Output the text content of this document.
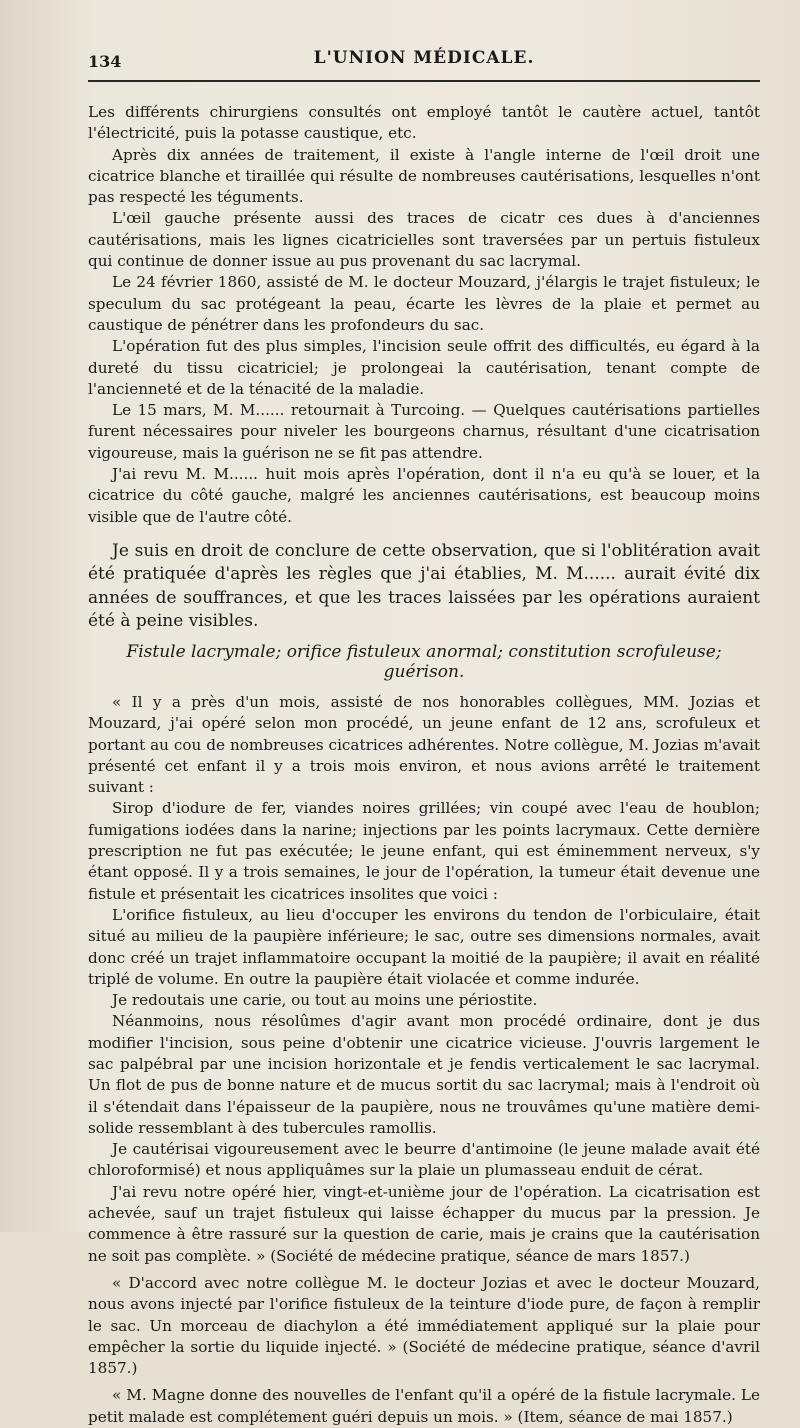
134	L'UNION MÉDICALE.

Les différents chirurgiens consultés ont employé tantôt le cautère actuel, tantôt l'électricité, puis la potasse caustique, etc.

Après dix années de traitement, il existe à l'angle interne de l'œil droit une cicatrice blanche et tiraillée qui résulte de nombreuses cautérisations, lesquelles n'ont pas respecté les téguments.

L'œil gauche présente aussi des traces de cicatr ces dues à d'anciennes cautérisations, mais les lignes cicatricielles sont traversées par un pertuis fistuleux qui continue de donner issue au pus provenant du sac lacrymal.

Le 24 février 1860, assisté de M. le docteur Mouzard, j'élargis le trajet fistuleux; le speculum du sac protégeant la peau, écarte les lèvres de la plaie et permet au caustique de pénétrer dans les profondeurs du sac.

L'opération fut des plus simples, l'incision seule offrit des difficultés, eu égard à la dureté du tissu cicatriciel; je prolongeai la cautérisation, tenant compte de l'ancienneté et de la ténacité de la maladie.

Le 15 mars, M. M...... retournait à Turcoing. — Quelques cautérisations partielles furent nécessaires pour niveler les bourgeons charnus, résultant d'une cicatrisation vigoureuse, mais la guérison ne se fit pas attendre.

J'ai revu M. M...... huit mois après l'opération, dont il n'a eu qu'à se louer, et la cicatrice du côté gauche, malgré les anciennes cautérisations, est beaucoup moins visible que de l'autre côté.

Je suis en droit de conclure de cette observation, que si l'oblitération avait été pratiquée d'après les règles que j'ai établies, M. M...... aurait évité dix années de souffrances, et que les traces laissées par les opérations auraient été à peine visibles.

Fistule lacrymale; orifice fistuleux anormal; constitution scrofuleuse; guérison.

« Il y a près d'un mois, assisté de nos honorables collègues, MM. Jozias et Mouzard, j'ai opéré selon mon procédé, un jeune enfant de 12 ans, scrofuleux et portant au cou de nombreuses cicatrices adhérentes. Notre collègue, M. Jozias m'avait présenté cet enfant il y a trois mois environ, et nous avions arrêté le traitement suivant :

Sirop d'iodure de fer, viandes noires grillées; vin coupé avec l'eau de houblon; fumigations iodées dans la narine; injections par les points lacrymaux. Cette dernière prescription ne fut pas exécutée; le jeune enfant, qui est éminemment nerveux, s'y étant opposé. Il y a trois semaines, le jour de l'opération, la tumeur était devenue une fistule et présentait les cicatrices insolites que voici :

L'orifice fistuleux, au lieu d'occuper les environs du tendon de l'orbiculaire, était situé au milieu de la paupière inférieure; le sac, outre ses dimensions normales, avait donc créé un trajet inflammatoire occupant la moitié de la paupière; il avait en réalité triplé de volume. En outre la paupière était violacée et comme indurée.

Je redoutais une carie, ou tout au moins une périostite.

Néanmoins, nous résolûmes d'agir avant mon procédé ordinaire, dont je dus modifier l'incision, sous peine d'obtenir une cicatrice vicieuse. J'ouvris largement le sac palpébral par une incision horizontale et je fendis verticalement le sac lacrymal. Un flot de pus de bonne nature et de mucus sortit du sac lacrymal; mais à l'endroit où il s'étendait dans l'épaisseur de la paupière, nous ne trouvâmes qu'une matière demi-solide ressemblant à des tubercules ramollis.

Je cautérisai vigoureusement avec le beurre d'antimoine (le jeune malade avait été chloroformisé) et nous appliquâmes sur la plaie un plumasseau enduit de cérat.

J'ai revu notre opéré hier, vingt-et-unième jour de l'opération. La cicatrisation est achevée, sauf un trajet fistuleux qui laisse échapper du mucus par la pression. Je commence à être rassuré sur la question de carie, mais je crains que la cautérisation ne soit pas complète. » (Société de médecine pratique, séance de mars 1857.)

« D'accord avec notre collègue M. le docteur Jozias et avec le docteur Mouzard, nous avons injecté par l'orifice fistuleux de la teinture d'iode pure, de façon à remplir le sac. Un morceau de diachylon a été immédiatement appliqué sur la plaie pour empêcher la sortie du liquide injecté. » (Société de médecine pratique, séance d'avril 1857.)

« M. Magne donne des nouvelles de l'enfant qu'il a opéré de la fistule lacrymale. Le petit malade est complétement guéri depuis un mois. » (Item, séance de mai 1857.)
